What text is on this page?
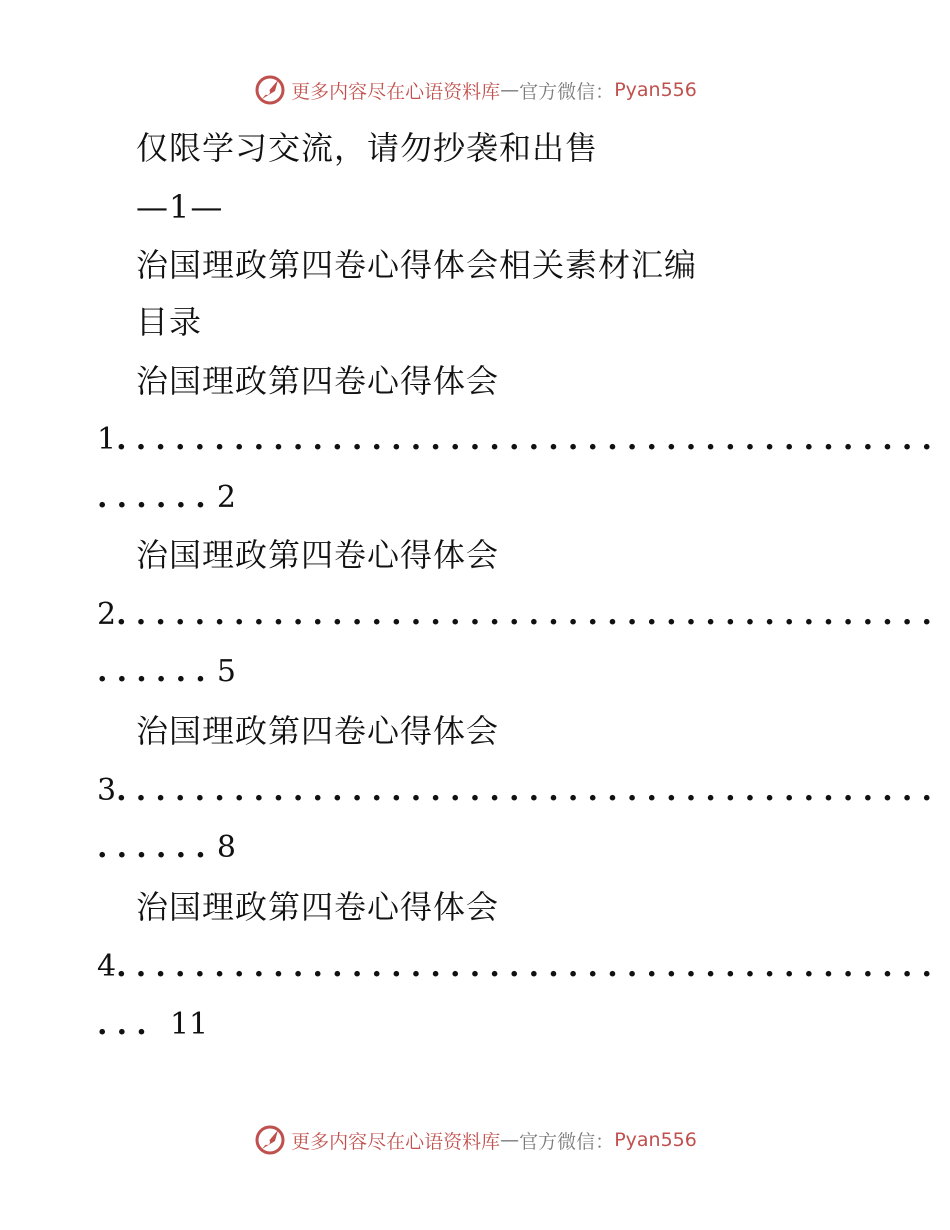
更多内容尽在心语资料库 — 官方微信： Pyan556
仅限学习交流，请勿抄袭和出售
—1—
治国理政第四卷心得体会相关素材汇编
目录
治国理政第四卷心得体会
1..........................................
......2
治国理政第四卷心得体会
2..........................................
......5
治国理政第四卷心得体会
3..........................................
......8
治国理政第四卷心得体会
4..........................................
... 11
更多内容尽在心语资料库 — 官方微信： Pyan556
